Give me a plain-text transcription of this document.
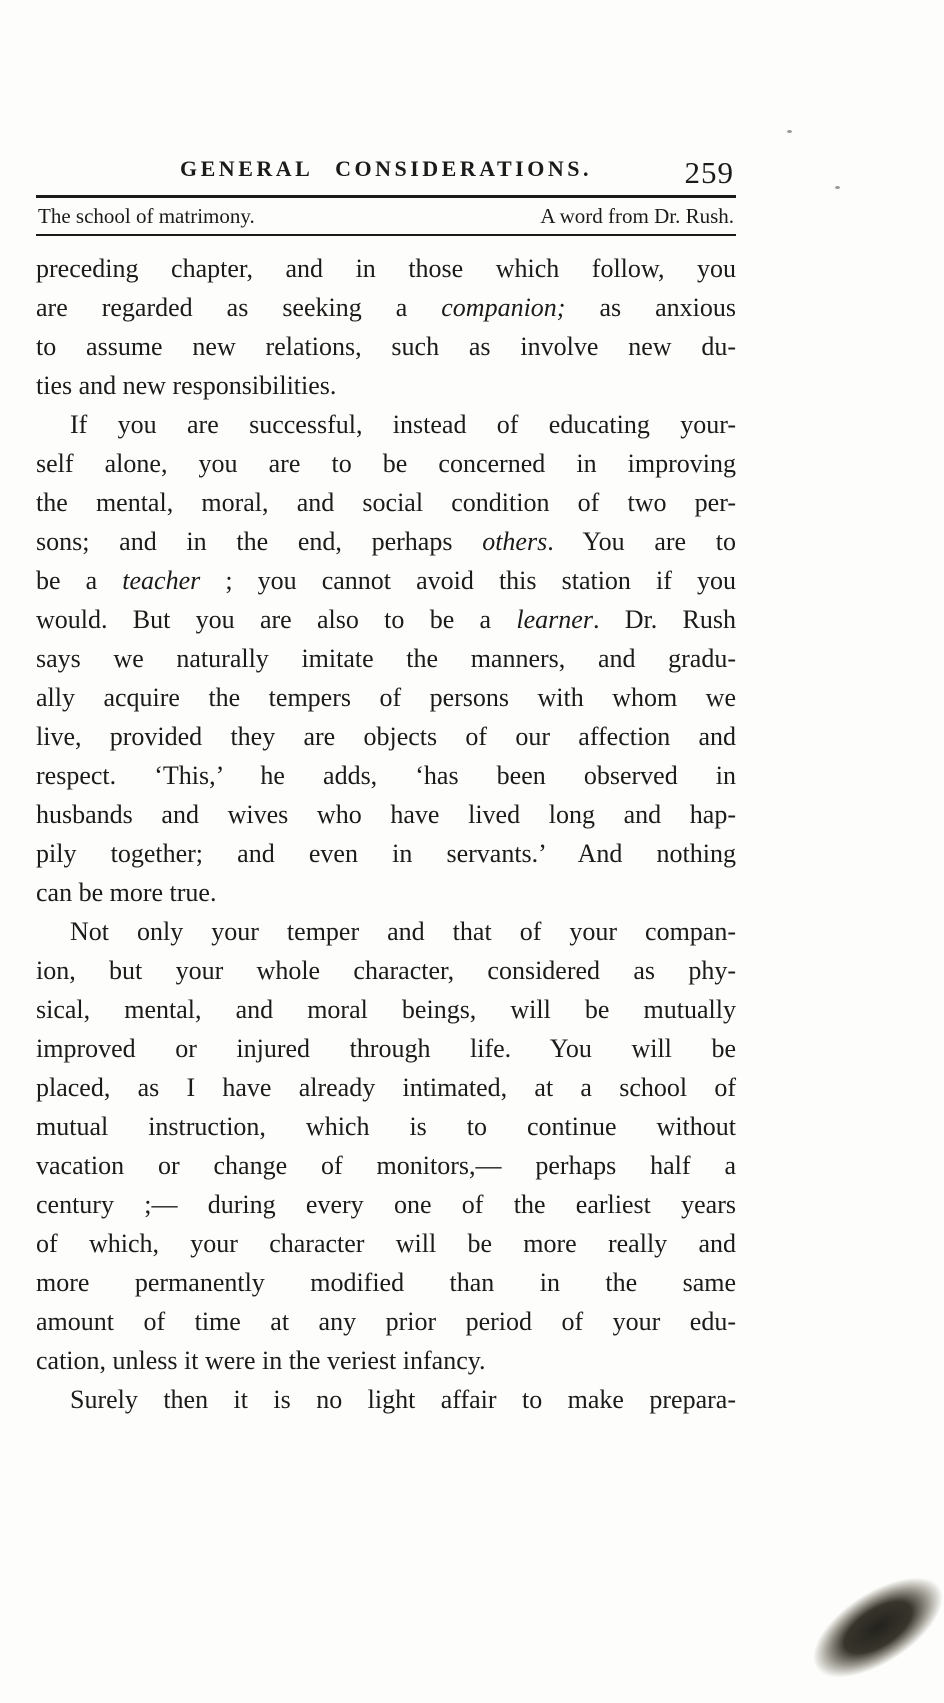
GENERAL CONSIDERATIONS.	259
The school of matrimony.	A word from Dr. Rush.
preceding chapter, and in those which follow, you
are regarded as seeking a companion; as anxious
to assume new relations, such as involve new du-
ties and new responsibilities.
If you are successful, instead of educating your-
self alone, you are to be concerned in improving
the mental, moral, and social condition of two per-
sons; and in the end, perhaps others. You are to
be a teacher ; you cannot avoid this station if you
would. But you are also to be a learner. Dr. Rush
says we naturally imitate the manners, and gradu-
ally acquire the tempers of persons with whom we
live, provided they are objects of our affection and
respect. ‘This,’ he adds, ‘has been observed in
husbands and wives who have lived long and hap-
pily together; and even in servants.’ And nothing
can be more true.
Not only your temper and that of your compan-
ion, but your whole character, considered as phy-
sical, mental, and moral beings, will be mutually
improved or injured through life. You will be
placed, as I have already intimated, at a school of
mutual instruction, which is to continue without
vacation or change of monitors,— perhaps half a
century ;— during every one of the earliest years
of which, your character will be more really and
more permanently modified than in the same
amount of time at any prior period of your edu-
cation, unless it were in the veriest infancy.
Surely then it is no light affair to make prepara-
